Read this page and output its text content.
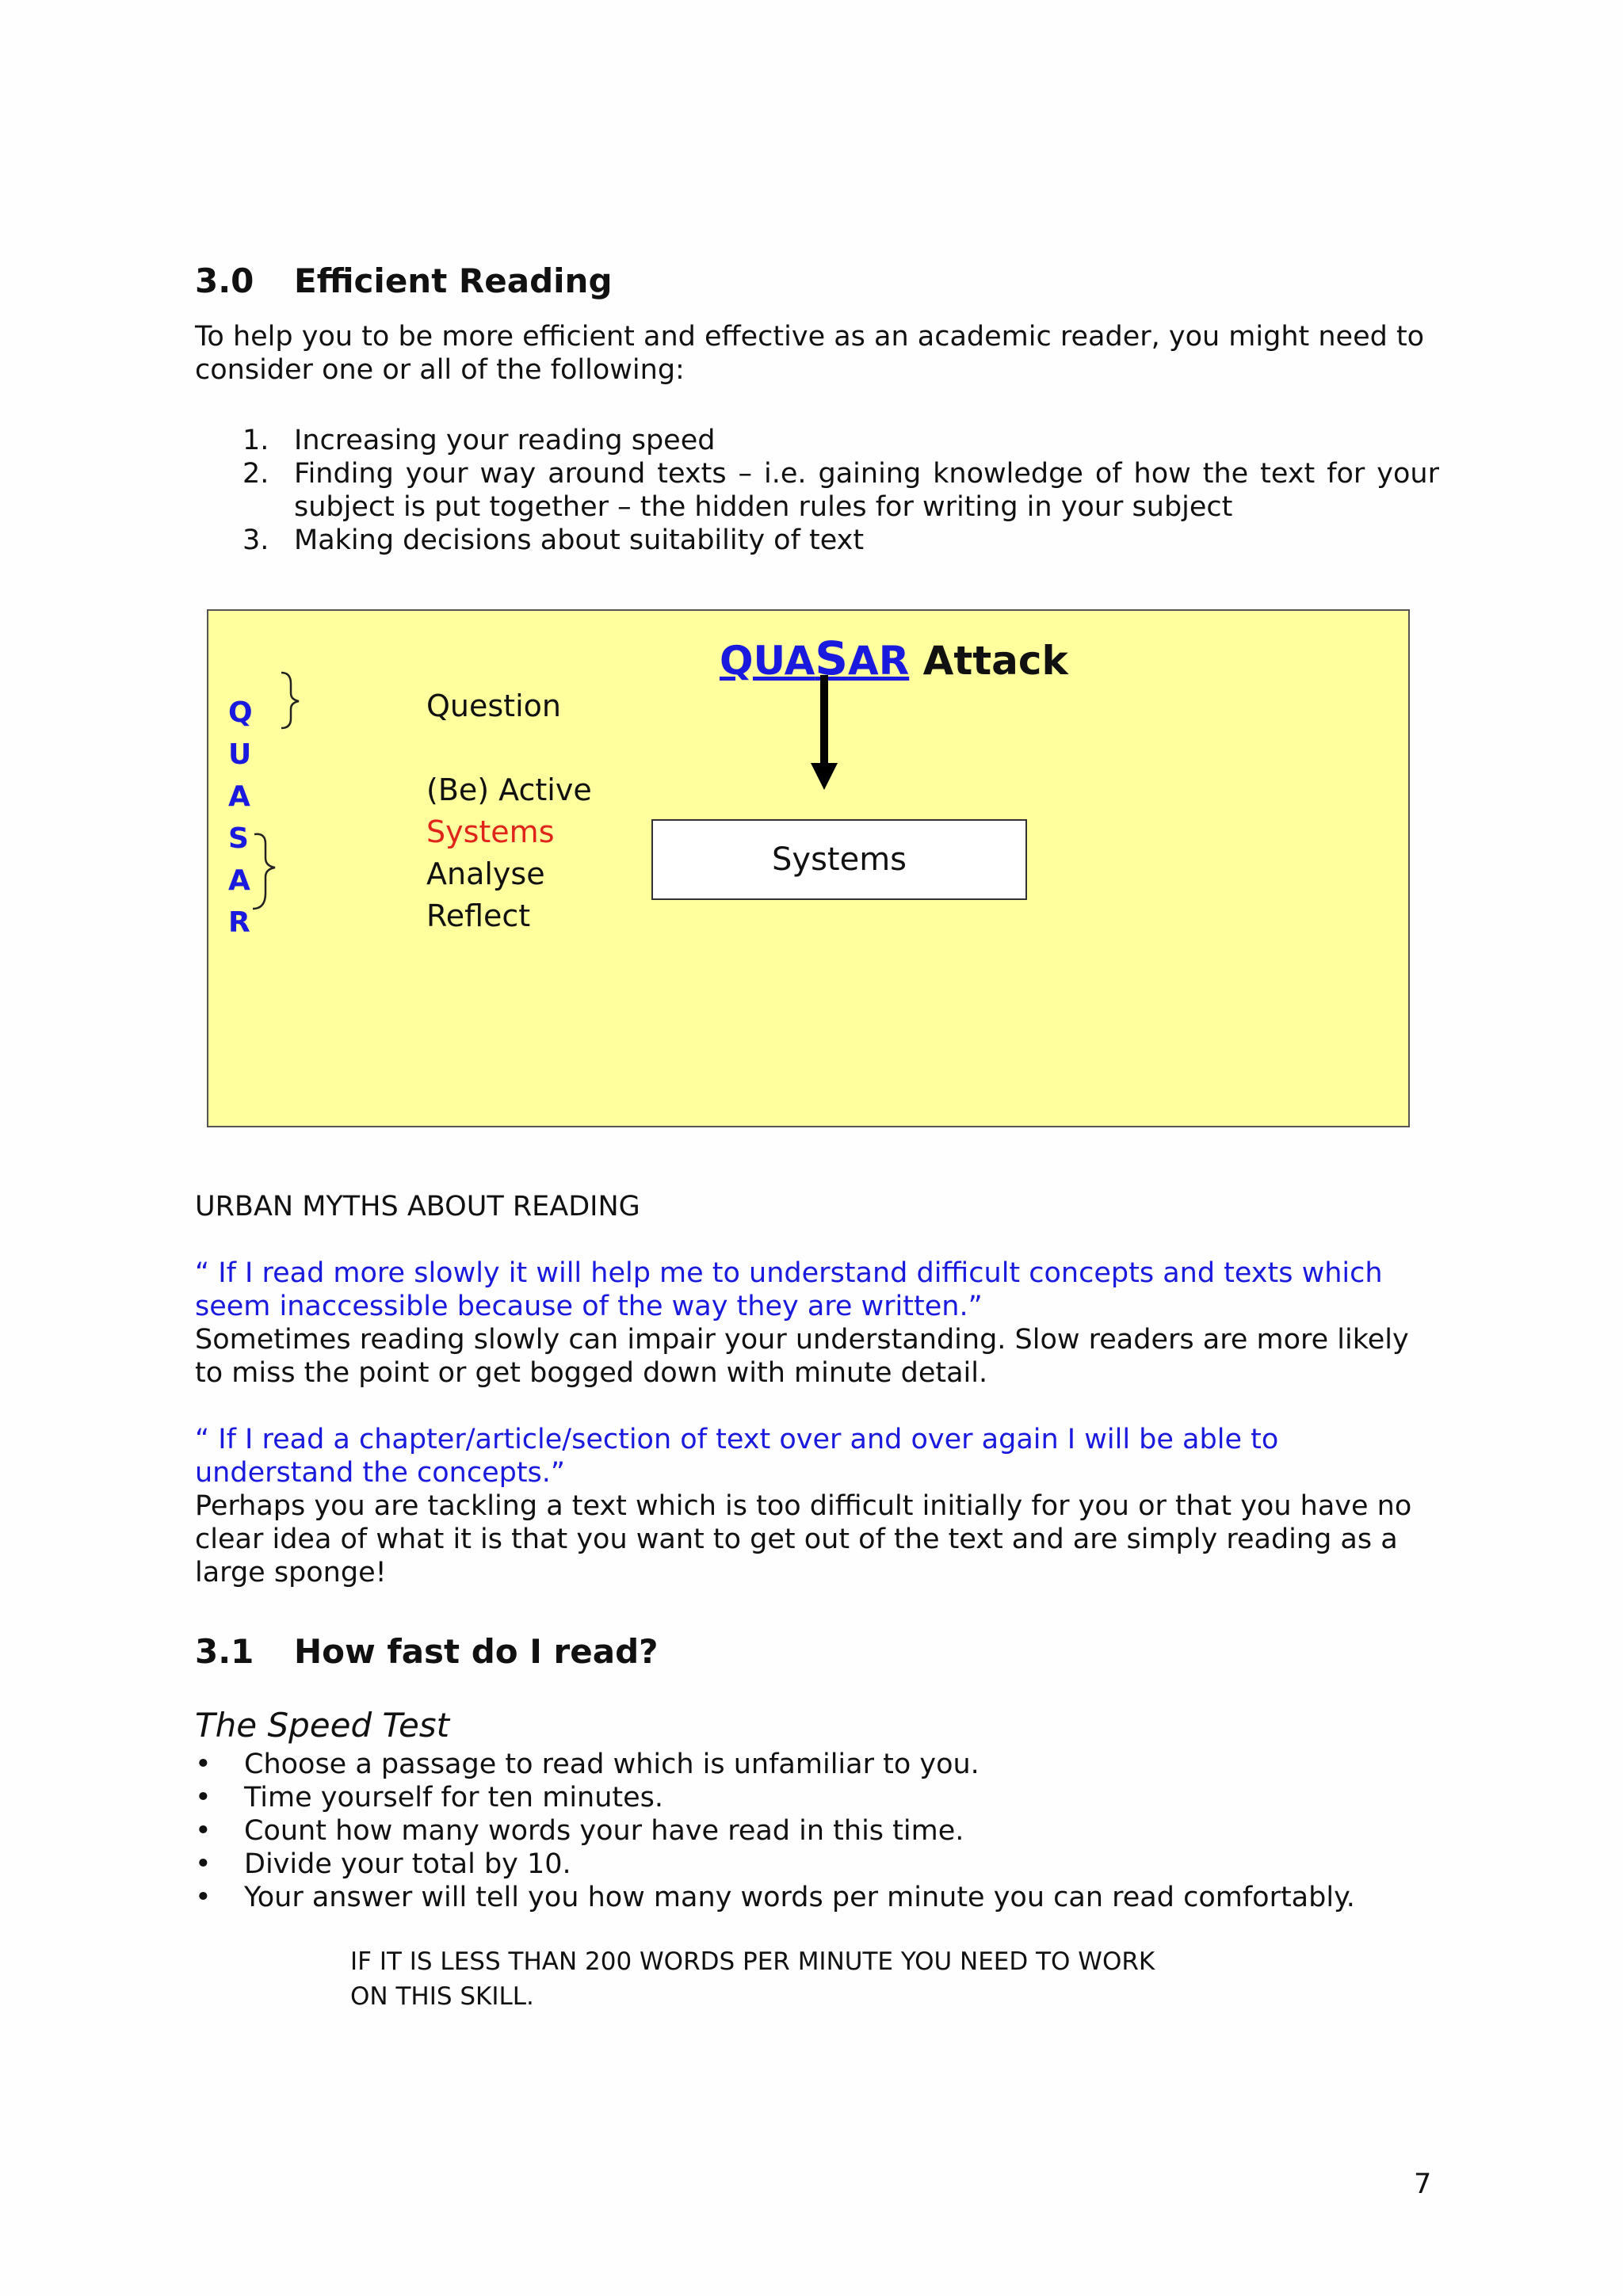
3.0 Efficient Reading

To help you to be more efficient and effective as an academic reader, you might need to consider one or all of the following:

1. Increasing your reading speed
2. Finding your way around texts – i.e. gaining knowledge of how the text for your subject is put together – the hidden rules for writing in your subject
3. Making decisions about suitability of text
QUASAR Attack
Q
U
A
S
A
R
Question
(Be) Active
Systems
Analyse
Reflect
Systems
URBAN MYTHS ABOUT READING

“ If I read more slowly it will help me to understand difficult concepts and texts which seem inaccessible because of the way they are written.”

Sometimes reading slowly can impair your understanding. Slow readers are more likely to miss the point or get bogged down with minute detail.

“ If I read a chapter/article/section of text over and over again I will be able to understand the concepts.”

Perhaps you are tackling a text which is too difficult initially for you or that you have no clear idea of what it is that you want to get out of the text and are simply reading as a large sponge!

3.1 How fast do I read?
The Speed Test
• Choose a passage to read which is unfamiliar to you.
• Time yourself for ten minutes.
• Count how many words your have read in this time.
• Divide your total by 10.
• Your answer will tell you how many words per minute you can read comfortably.
IF IT IS LESS THAN 200 WORDS PER MINUTE YOU NEED TO WORK
ON THIS SKILL.
7
